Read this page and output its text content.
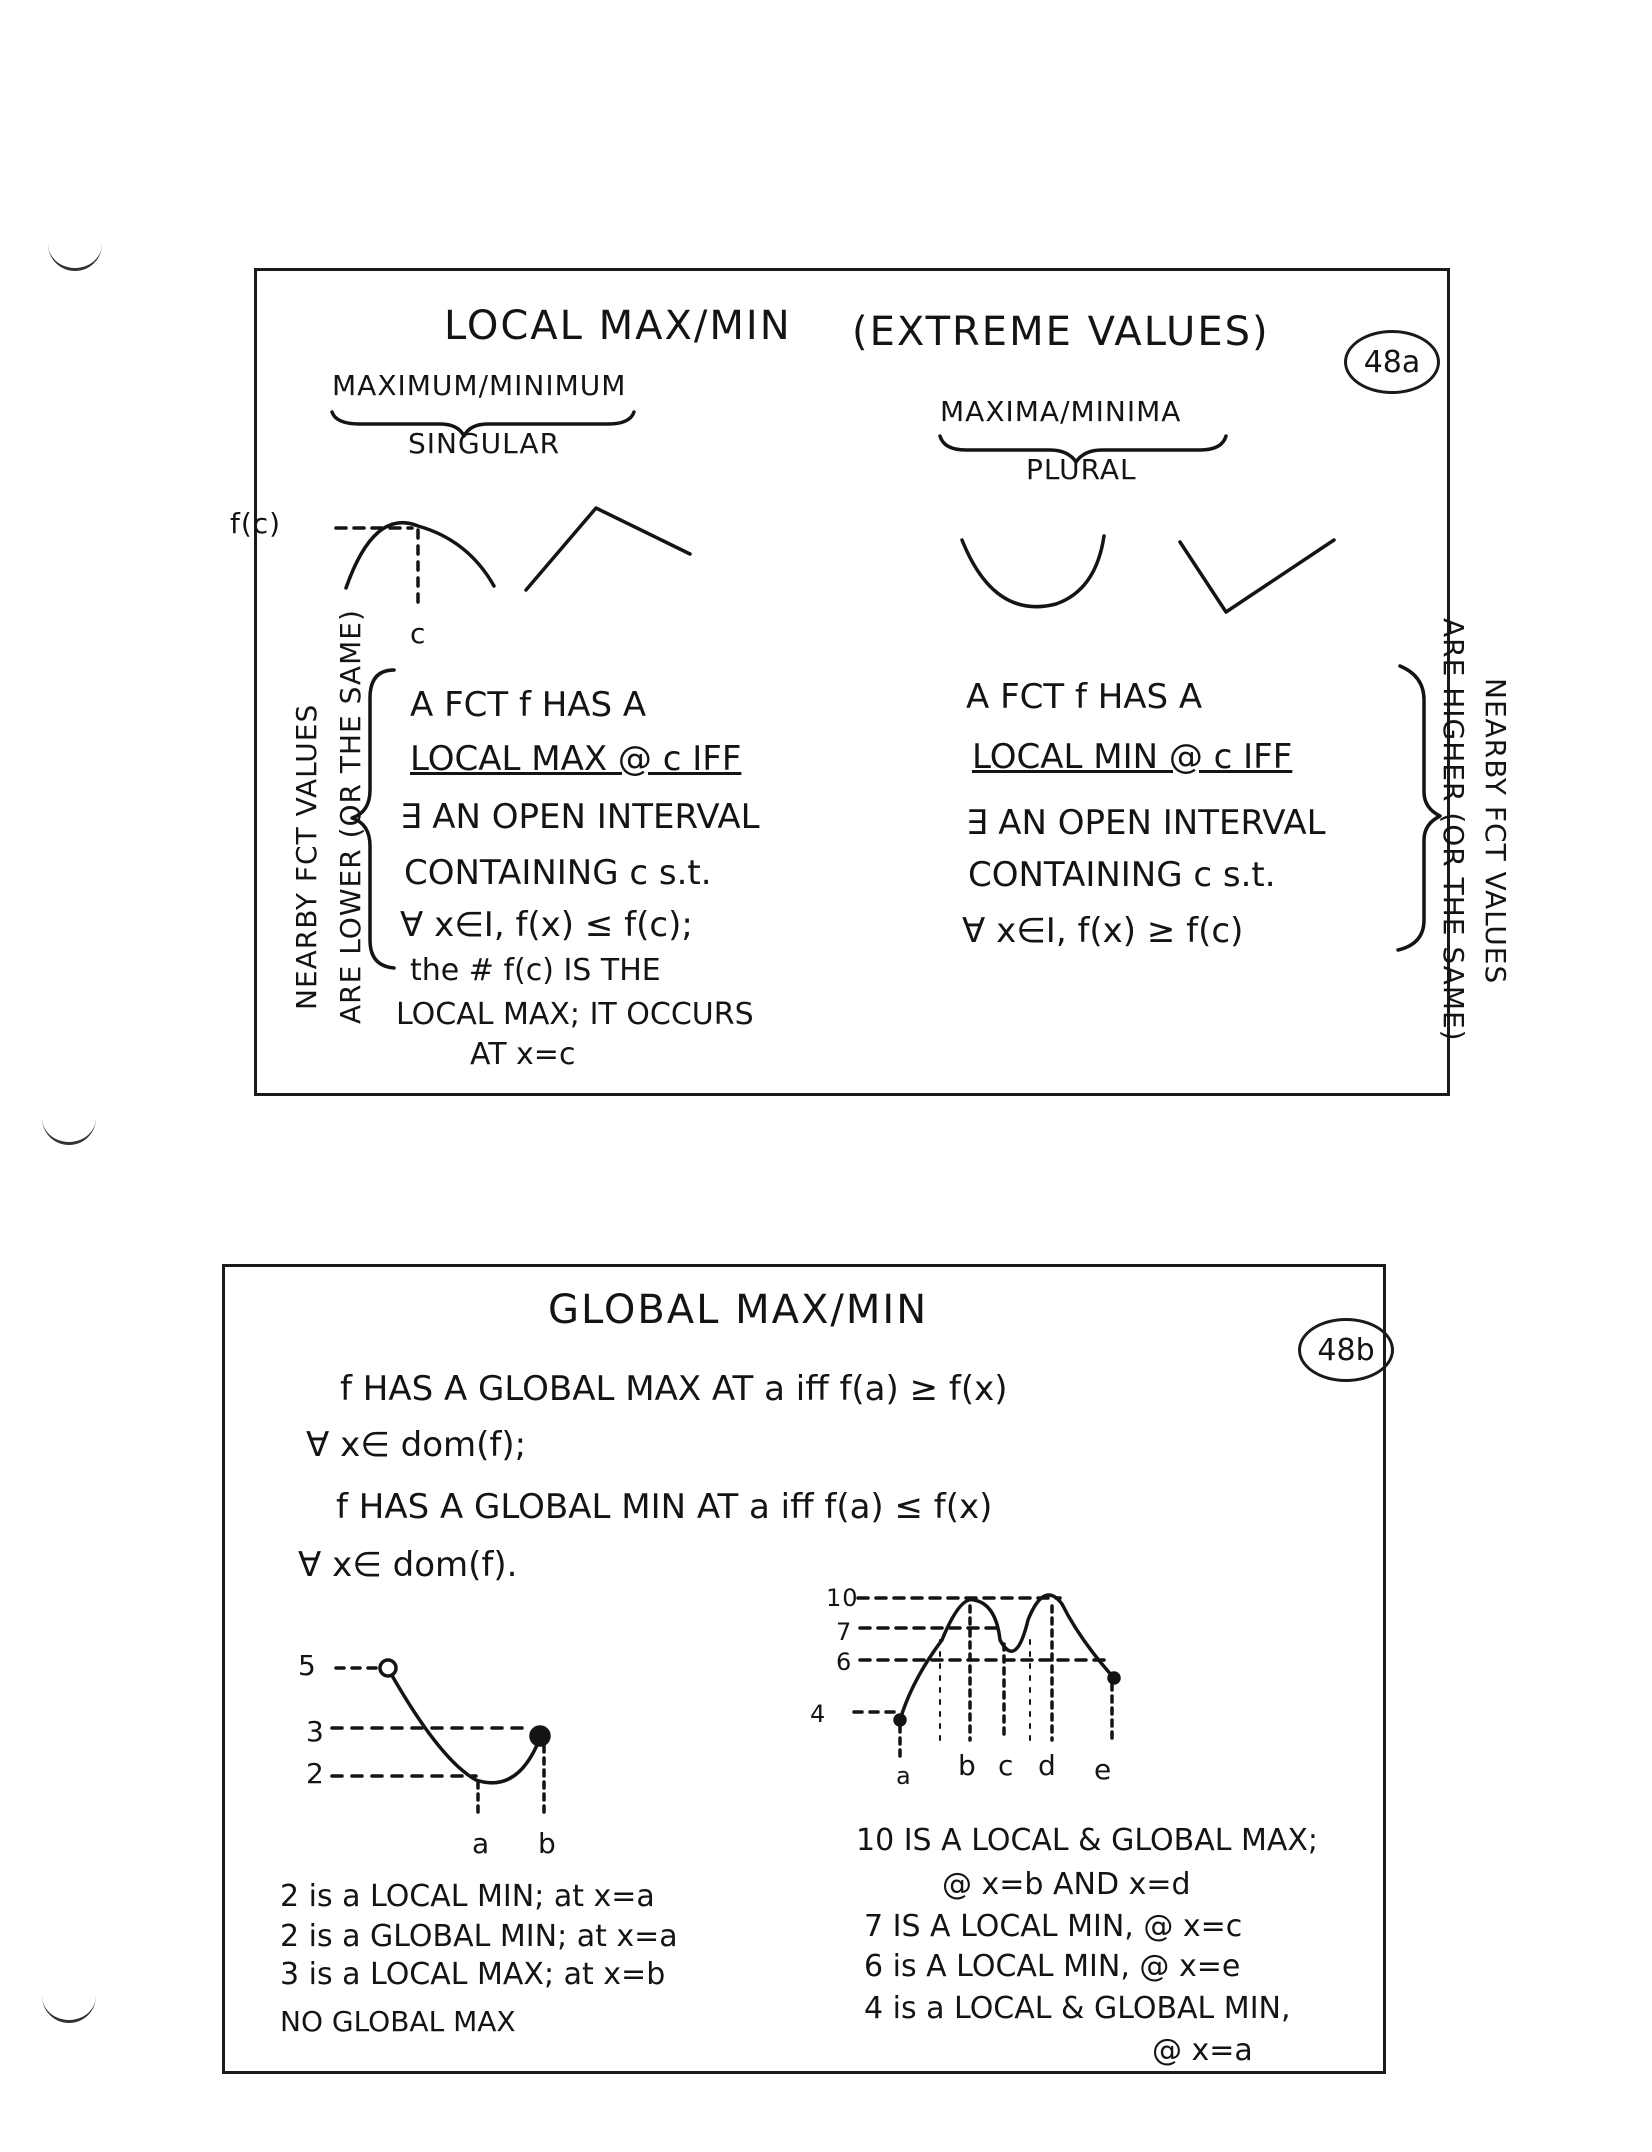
LOCAL MAX/MIN (EXTREME VALUES)
48a
MAXIMUM/MINIMUM
SINGULAR
MAXIMA/MINIMA
PLURAL
f(c)
c
A FCT f HAS A
LOCAL MAX @ c IFF
∃ AN OPEN INTERVAL
CONTAINING c s.t.
∀ x∈I, f(x) ≤ f(c);
the # f(c) IS THE
LOCAL MAX; IT OCCURS
AT x=c
A FCT f HAS A
LOCAL MIN @ c IFF
∃ AN OPEN INTERVAL
CONTAINING c s.t.
∀ x∈I, f(x) ≥ f(c)
NEARBY FCT VALUES ARE LOWER (OR THE SAME)	NEARBY FCT VALUES
ARE HIGHER (OR THE SAME)
GLOBAL MAX/MIN
48b
f HAS A GLOBAL MAX AT a iff f(a) ≥ f(x)
∀ x∈ dom(f);
f HAS A GLOBAL MIN AT a iff f(a) ≤ f(x)
∀ x∈ dom(f).
5
3
2
a b
10
7
6
4
a b c d e
2 is a LOCAL MIN; at x=a
2 is a GLOBAL MIN; at x=a
3 is a LOCAL MAX; at x=b
NO GLOBAL MAX
10 IS A LOCAL & GLOBAL MAX;
@ x=b AND x=d
7 IS A LOCAL MIN, @ x=c
6 is A LOCAL MIN, @ x=e
4 is a LOCAL & GLOBAL MIN,
@ x=a
